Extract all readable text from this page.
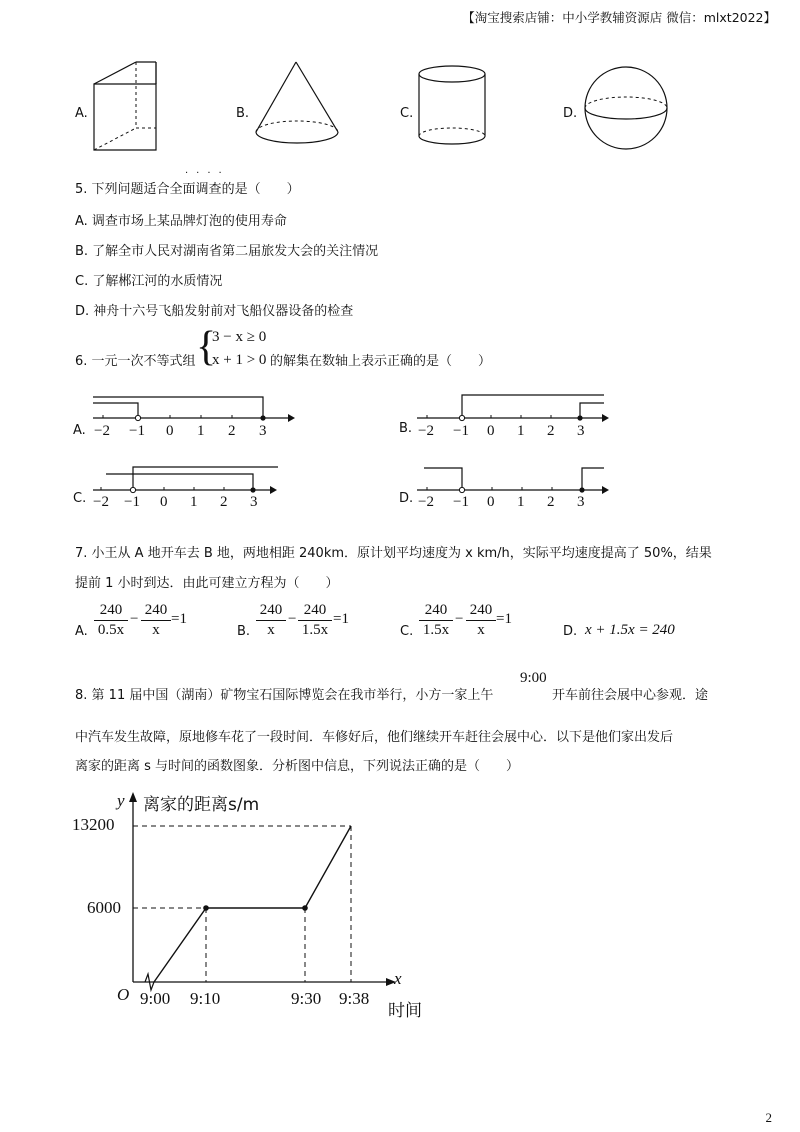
【淘宝搜索店铺：中小学教辅资源店 微信：mlxt2022】
A.	B.	C.	D.
5. 下列问题适合全面调查的是（　　）
····
A. 调查市场上某品牌灯泡的使用寿命
B. 了解全市人民对湖南省第二届旅发大会的关注情况
C. 了解郴江河的水质情况
D. 神舟十六号飞船发射前对飞船仪器设备的检查
6. 一元一次不等式组 {
3 − x ≥ 0
x + 1 > 0 的解集在数轴上表示正确的是（　　）
A. −2 −1 0 1 2 3	B. −2 −1 0 1 2 3
C. −2 −1 0 1 2 3	D. −2 −1 0 1 2 3
7. 小王从 A 地开车去 B 地，两地相距 240km．原计划平均速度为 x km/h，实际平均速度提高了 50%，结果
提前 1 小时到达．由此可建立方程为（　　）
A. $\frac{240}{0.5x} - \frac{240}{x} =1$
B. $\frac{240}{x} - \frac{240}{1.5x} =1$
C. $\frac{240}{1.5x} - \frac{240}{x} =1$
D. x + 1.5x = 240
8. 第 11 届中国（湖南）矿物宝石国际博览会在我市举行，小方一家上午
9:00
开车前往会展中心参观．途
中汽车发生故障，原地修车花了一段时间．车修好后，他们继续开车赶往会展中心．以下是他们家出发后
离家的距离 s 与时间的函数图象．分析图中信息，下列说法正确的是（　　）
y 离家的距离s/m
13200
6000
O 9:00 9:10	9:30 9:38
x
时间
2
